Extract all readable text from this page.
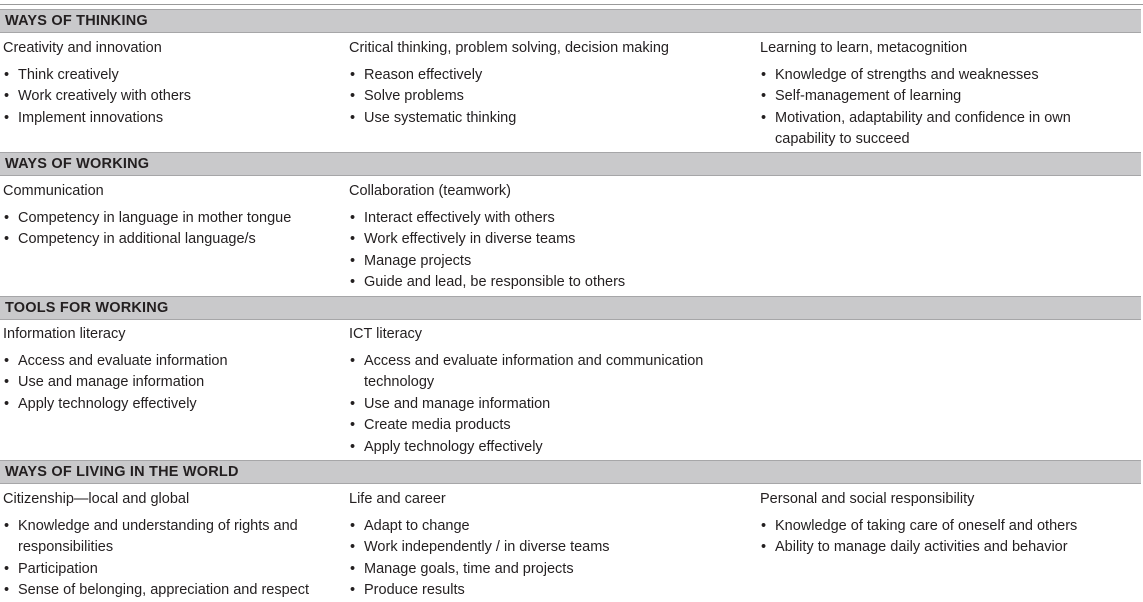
WAYS OF THINKING
Creativity and innovation
• Think creatively
• Work creatively with others
• Implement innovations
Critical thinking, problem solving, decision making
• Reason effectively
• Solve problems
• Use systematic thinking
Learning to learn, metacognition
• Knowledge of strengths and weaknesses
• Self-management of learning
• Motivation, adaptability and confidence in own capability to succeed
WAYS OF WORKING
Communication
• Competency in language in mother tongue
• Competency in additional language/s
Collaboration (teamwork)
• Interact effectively with others
• Work effectively in diverse teams
• Manage projects
• Guide and lead, be responsible to others
TOOLS FOR WORKING
Information literacy
• Access and evaluate information
• Use and manage information
• Apply technology effectively
ICT literacy
• Access and evaluate information and communication technology
• Use and manage information
• Create media products
• Apply technology effectively
WAYS OF LIVING IN THE WORLD
Citizenship—local and global
• Knowledge and understanding of rights and responsibilities
• Participation
• Sense of belonging, appreciation and respect
Life and career
• Adapt to change
• Work independently / in diverse teams
• Manage goals, time and projects
• Produce results
Personal and social responsibility
• Knowledge of taking care of oneself and others
• Ability to manage daily activities and behavior
